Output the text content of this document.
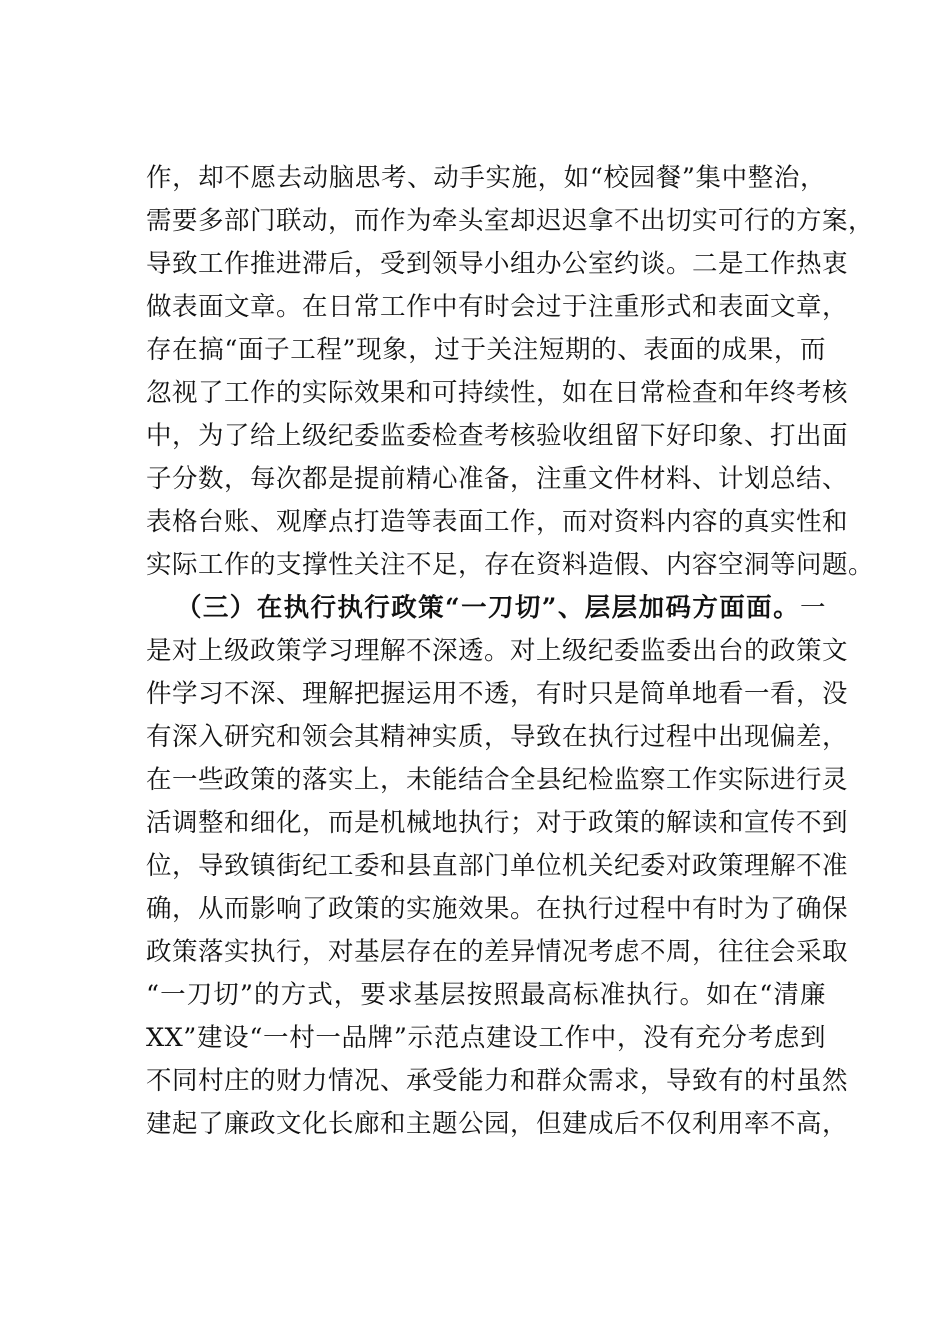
作，却不愿去动脑思考、动手实施，如“校园餐”集中整治，
需要多部门联动，而作为牵头室却迟迟拿不出切实可行的方案，
导致工作推进滞后，受到领导小组办公室约谈。二是工作热衷
做表面文章。在日常工作中有时会过于注重形式和表面文章，
存在搞“面子工程”现象，过于关注短期的、表面的成果，而
忽视了工作的实际效果和可持续性，如在日常检查和年终考核
中，为了给上级纪委监委检查考核验收组留下好印象、打出面
子分数，每次都是提前精心准备，注重文件材料、计划总结、
表格台账、观摩点打造等表面工作，而对资料内容的真实性和
实际工作的支撑性关注不足，存在资料造假、内容空洞等问题。
（三）在执行执行政策“一刀切”、层层加码方面面。一
是对上级政策学习理解不深透。对上级纪委监委出台的政策文
件学习不深、理解把握运用不透，有时只是简单地看一看，没
有深入研究和领会其精神实质，导致在执行过程中出现偏差，
在一些政策的落实上，未能结合全县纪检监察工作实际进行灵
活调整和细化，而是机械地执行；对于政策的解读和宣传不到
位，导致镇街纪工委和县直部门单位机关纪委对政策理解不准
确，从而影响了政策的实施效果。在执行过程中有时为了确保
政策落实执行，对基层存在的差异情况考虑不周，往往会采取
“一刀切”的方式，要求基层按照最高标准执行。如在“清廉
XX”建设“一村一品牌”示范点建设工作中，没有充分考虑到
不同村庄的财力情况、承受能力和群众需求，导致有的村虽然
建起了廉政文化长廊和主题公园，但建成后不仅利用率不高，
